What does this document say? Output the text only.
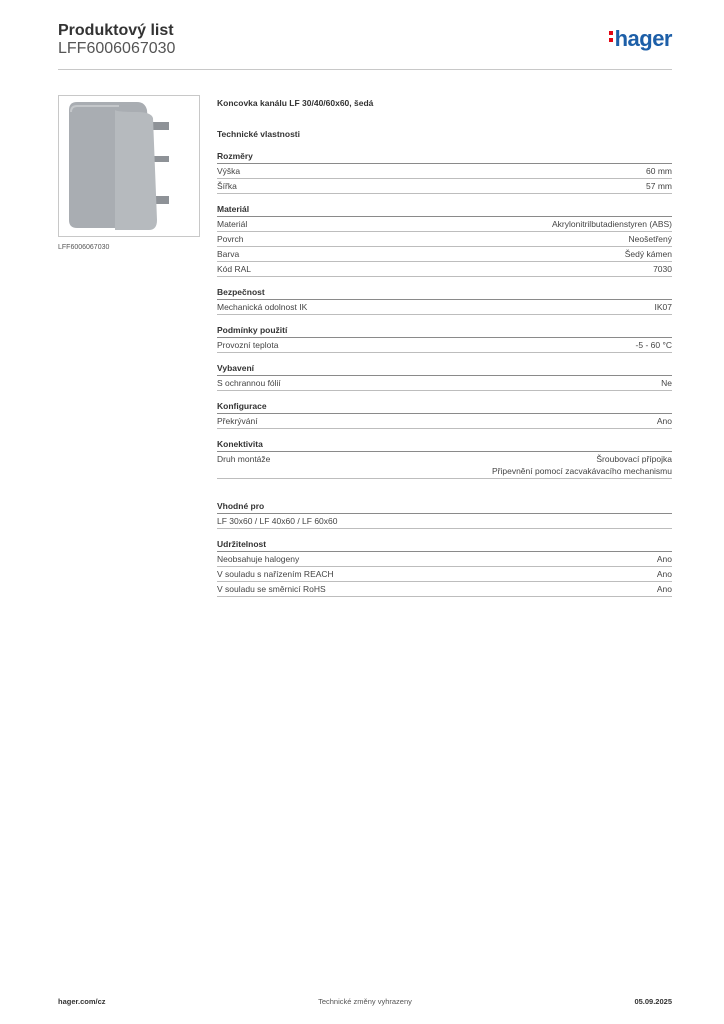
Produktový list
LFF6006067030	hager
LFF6006067030
Koncovka kanálu LF 30/40/60x60, šedá
Technické vlastnosti
Rozměry
Výška	60 mm
Šířka	57 mm
Materiál
Materiál	Akrylonitrilbutadienstyren (ABS)
Povrch	Neošetřený
Barva	Šedý kámen
Kód RAL	7030
Bezpečnost
Mechanická odolnost IK	IK07
Podmínky použití
Provozní teplota	-5 - 60 °C
Vybavení
S ochrannou fólií	Ne
Konfigurace
Překrývání	Ano
Konektivita
Druh montáže	Šroubovací přípojka
Připevnění pomocí zacvakávacího mechanismu
Vhodné pro
LF 30x60 / LF 40x60 / LF 60x60
Udržitelnost
Neobsahuje halogeny	Ano
V souladu s nařízením REACH	Ano
V souladu se směrnicí RoHS	Ano
Technické změny vyhrazeny
hager.com/cz	05.09.2025
